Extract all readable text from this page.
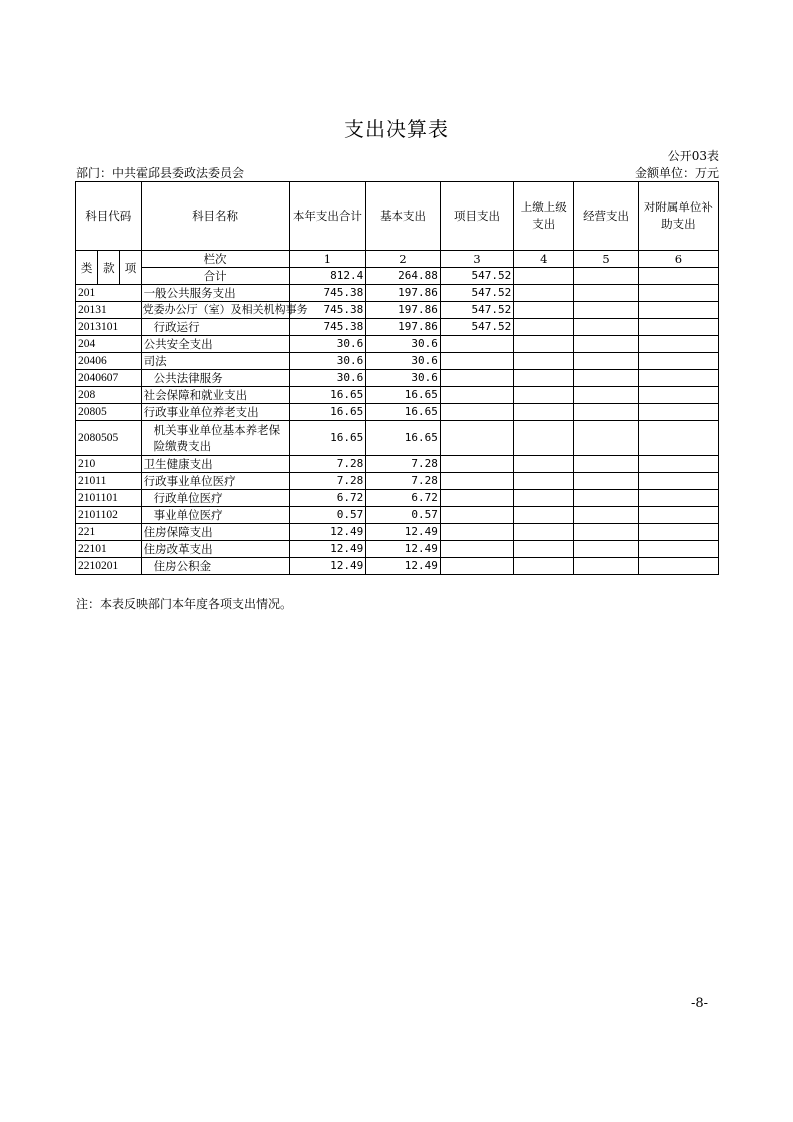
支出决算表
公开03表
部门：中共霍邱县委政法委员会	金额单位：万元
科目代码			科目名称	本年支出合计	基本支出	项目支出	上缴上级支出	经营支出	对附属单位补助支出
类	款	项	栏次	1	2	3	4	5	6
			合计	812.4	264.88	547.52			
201			一般公共服务支出	745.38	197.86	547.52			
20131			党委办公厅（室）及相关机构事务	745.38	197.86	547.52			
2013101			行政运行	745.38	197.86	547.52			
204			公共安全支出	30.6	30.6				
20406			司法	30.6	30.6				
2040607			公共法律服务	30.6	30.6				
208			社会保障和就业支出	16.65	16.65				
20805			行政事业单位养老支出	16.65	16.65				
2080505			机关事业单位基本养老保险缴费支出	16.65	16.65				
210			卫生健康支出	7.28	7.28				
21011			行政事业单位医疗	7.28	7.28				
2101101			行政单位医疗	6.72	6.72				
2101102			事业单位医疗	0.57	0.57				
221			住房保障支出	12.49	12.49				
22101			住房改革支出	12.49	12.49				
2210201			住房公积金	12.49	12.49				
注：本表反映部门本年度各项支出情况。
-8-
